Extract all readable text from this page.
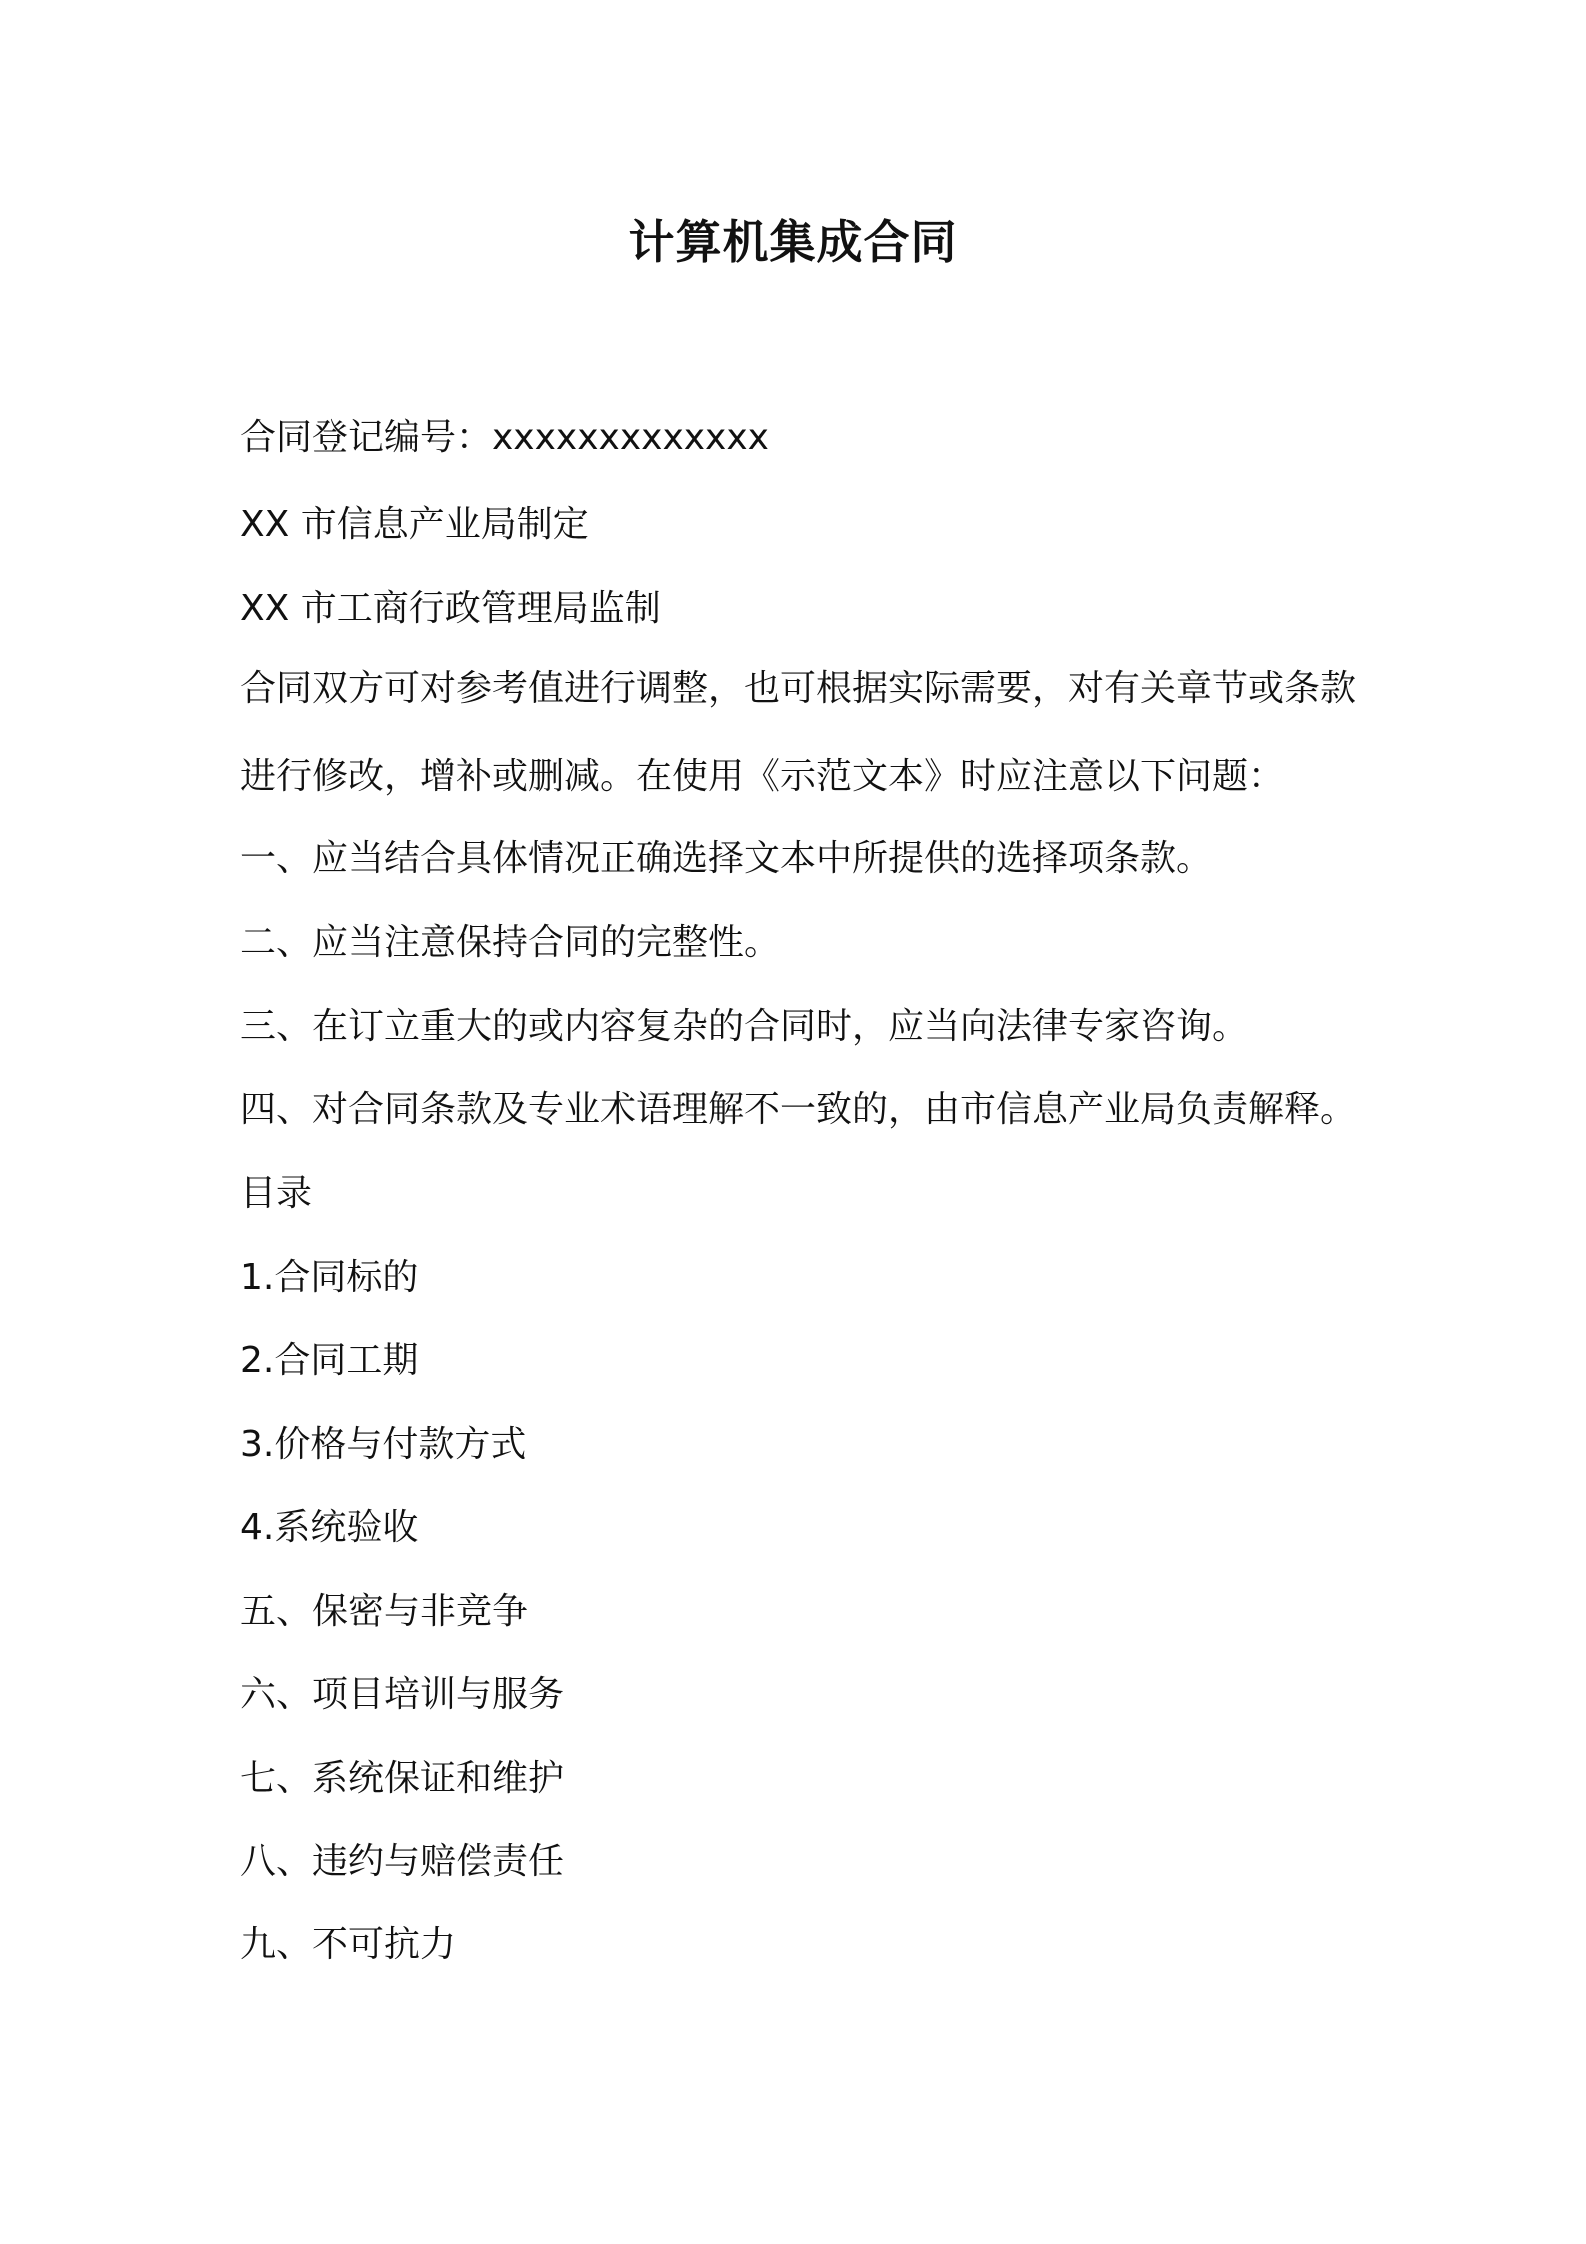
计算机集成合同
合同登记编号：xxxxxxxxxxxxx
XX 市信息产业局制定
XX 市工商行政管理局监制
合同双方可对参考值进行调整，也可根据实际需要，对有关章节或条款进行修改，增补或删减。在使用《示范文本》时应注意以下问题：
一、应当结合具体情况正确选择文本中所提供的选择项条款。
二、应当注意保持合同的完整性。
三、在订立重大的或内容复杂的合同时，应当向法律专家咨询。
四、对合同条款及专业术语理解不一致的，由市信息产业局负责解释。
目录
1.合同标的
2.合同工期
3.价格与付款方式
4.系统验收
五、保密与非竞争
六、项目培训与服务
七、系统保证和维护
八、违约与赔偿责任
九、不可抗力
